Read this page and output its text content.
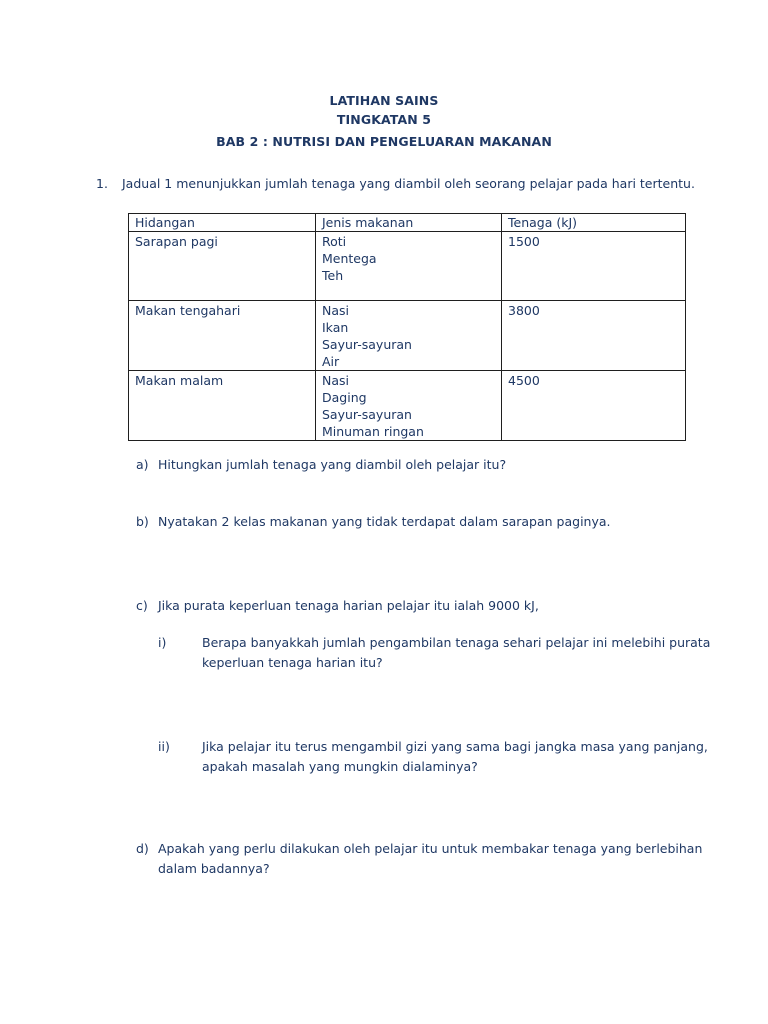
LATIHAN SAINS
TINGKATAN 5
BAB 2 : NUTRISI DAN PENGELUARAN MAKANAN
1. Jadual 1 menunjukkan jumlah tenaga yang diambil oleh seorang pelajar pada hari tertentu.
Hidangan	Jenis makanan	Tenaga (kJ)
Sarapan pagi	Roti
Mentega
Teh	1500
Makan tengahari	Nasi
Ikan
Sayur-sayuran
Air	3800
Makan malam	Nasi
Daging
Sayur-sayuran
Minuman ringan	4500
a) Hitungkan jumlah tenaga yang diambil oleh pelajar itu?
b) Nyatakan 2 kelas makanan yang tidak terdapat dalam sarapan paginya.
c) Jika purata keperluan tenaga harian pelajar itu ialah 9000 kJ,
i)	Berapa banyakkah jumlah pengambilan tenaga sehari pelajar ini melebihi purata
keperluan tenaga harian itu?
ii)	Jika pelajar itu terus mengambil gizi yang sama bagi jangka masa yang panjang,
apakah masalah yang mungkin dialaminya?
d) Apakah yang perlu dilakukan oleh pelajar itu untuk membakar tenaga yang berlebihan
dalam badannya?
